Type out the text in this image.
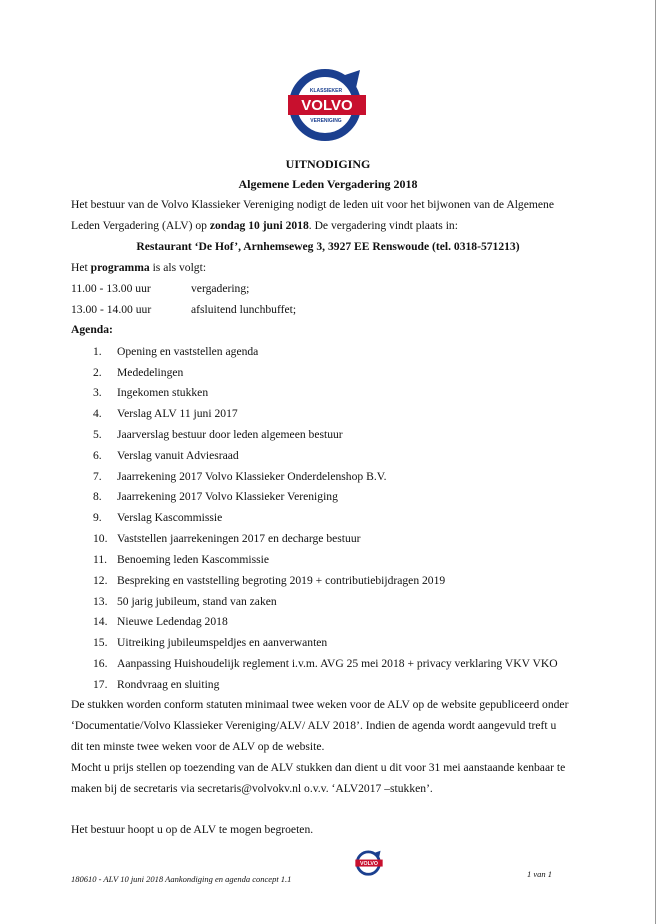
VOLVO
KLASSIEKER
VERENIGING
UITNODIGING
Algemene Leden Vergadering 2018
Het bestuur van de Volvo Klassieker Vereniging nodigt de leden uit voor het bijwonen van de Algemene
Leden Vergadering (ALV) op zondag 10 juni 2018. De vergadering vindt plaats in:
Restaurant ‘De Hof’, Arnhemseweg 3, 3927 EE Renswoude (tel. 0318-571213)
Het programma is als volgt:
11.00 - 13.00 uur	vergadering;
13.00 - 14.00 uur	afsluitend lunchbuffet;
Agenda:
1. Opening en vaststellen agenda
2. Mededelingen
3. Ingekomen stukken
4. Verslag ALV 11 juni 2017
5. Jaarverslag bestuur door leden algemeen bestuur
6. Verslag vanuit Adviesraad
7. Jaarrekening 2017 Volvo Klassieker Onderdelenshop B.V.
8. Jaarrekening 2017 Volvo Klassieker Vereniging
9. Verslag Kascommissie
10. Vaststellen jaarrekeningen 2017 en decharge bestuur
11. Benoeming leden Kascommissie
12. Bespreking en vaststelling begroting 2019 + contributiebijdragen 2019
13. 50 jarig jubileum, stand van zaken
14. Nieuwe Ledendag 2018
15. Uitreiking jubileumspeldjes en aanverwanten
16. Aanpassing Huishoudelijk reglement i.v.m. AVG 25 mei 2018 + privacy verklaring VKV VKO
17. Rondvraag en sluiting
De stukken worden conform statuten minimaal twee weken voor de ALV op de website gepubliceerd onder
‘Documentatie/Volvo Klassieker Vereniging/ALV/ ALV 2018’. Indien de agenda wordt aangevuld treft u
dit ten minste twee weken voor de ALV op de website.
Mocht u prijs stellen op toezending van de ALV stukken dan dient u dit voor 31 mei aanstaande kenbaar te
maken bij de secretaris via secretaris@volvokv.nl o.v.v. ‘ALV2017 –stukken’.
Het bestuur hoopt u op de ALV te mogen begroeten.
VOLVO
180610 - ALV 10 juni 2018 Aankondiging en agenda concept 1.1	1 van 1
